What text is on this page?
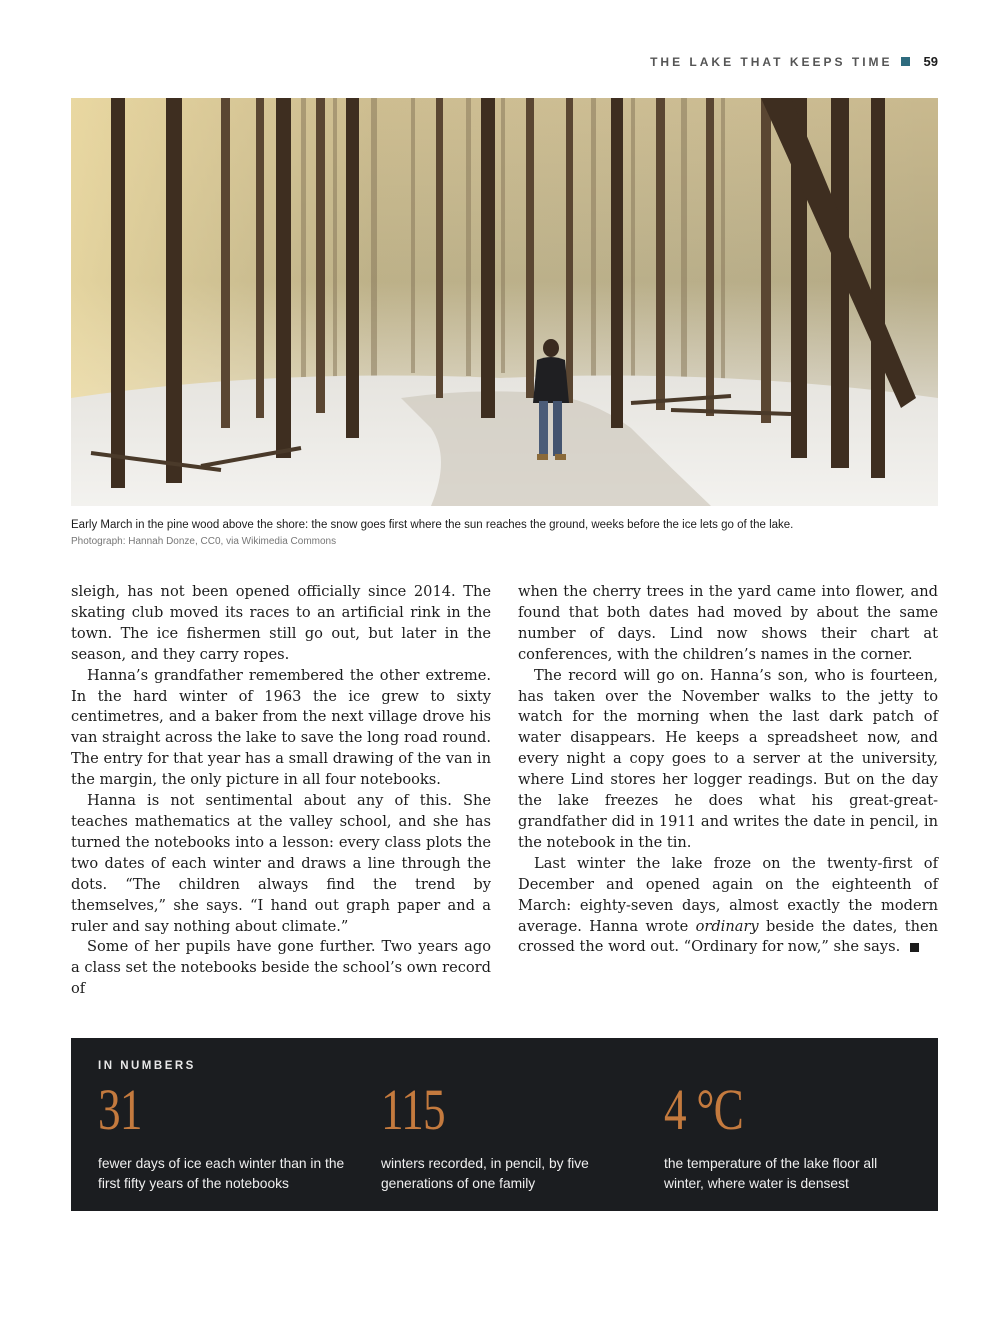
THE LAKE THAT KEEPS TIME 59
Early March in the pine wood above the shore: the snow goes first where the sun reaches the ground, weeks before the ice lets go of the lake.
Photograph: Hannah Donze, CC0, via Wikimedia Commons

sleigh, has not been opened officially since 2014. The skating club moved its races to an artificial rink in the town. The ice fishermen still go out, but later in the season, and they carry ropes.

Hanna’s grandfather remembered the other extreme. In the hard winter of 1963 the ice grew to sixty centimetres, and a baker from the next village drove his van straight across the lake to save the long road round. The entry for that year has a small drawing of the van in the margin, the only picture in all four notebooks.

Hanna is not sentimental about any of this. She teaches mathematics at the valley school, and she has turned the notebooks into a lesson: every class plots the two dates of each winter and draws a line through the dots. “The children always find the trend by themselves,” she says. “I hand out graph paper and a ruler and say nothing about climate.”

Some of her pupils have gone further. Two years ago a class set the notebooks beside the school’s own record of

when the cherry trees in the yard came into flower, and found that both dates had moved by about the same number of days. Lind now shows their chart at conferences, with the children’s names in the corner.

The record will go on. Hanna’s son, who is fourteen, has taken over the November walks to the jetty to watch for the morning when the last dark patch of water disappears. He keeps a spreadsheet now, and every night a copy goes to a server at the university, where Lind stores her logger readings. But on the day the lake freezes he does what his great-great-grandfather did in 1911 and writes the date in pencil, in the notebook in the tin.

Last winter the lake froze on the twenty-first of December and opened again on the eighteenth of March: eighty-seven days, almost exactly the modern average. Hanna wrote ordinary beside the dates, then crossed the word out. “Ordinary for now,” she says.

IN NUMBERS
31
fewer days of ice each winter than in the first fifty years of the notebooks
115
winters recorded, in pencil, by five generations of one family
4 °C
the temperature of the lake floor all winter, where water is densest
